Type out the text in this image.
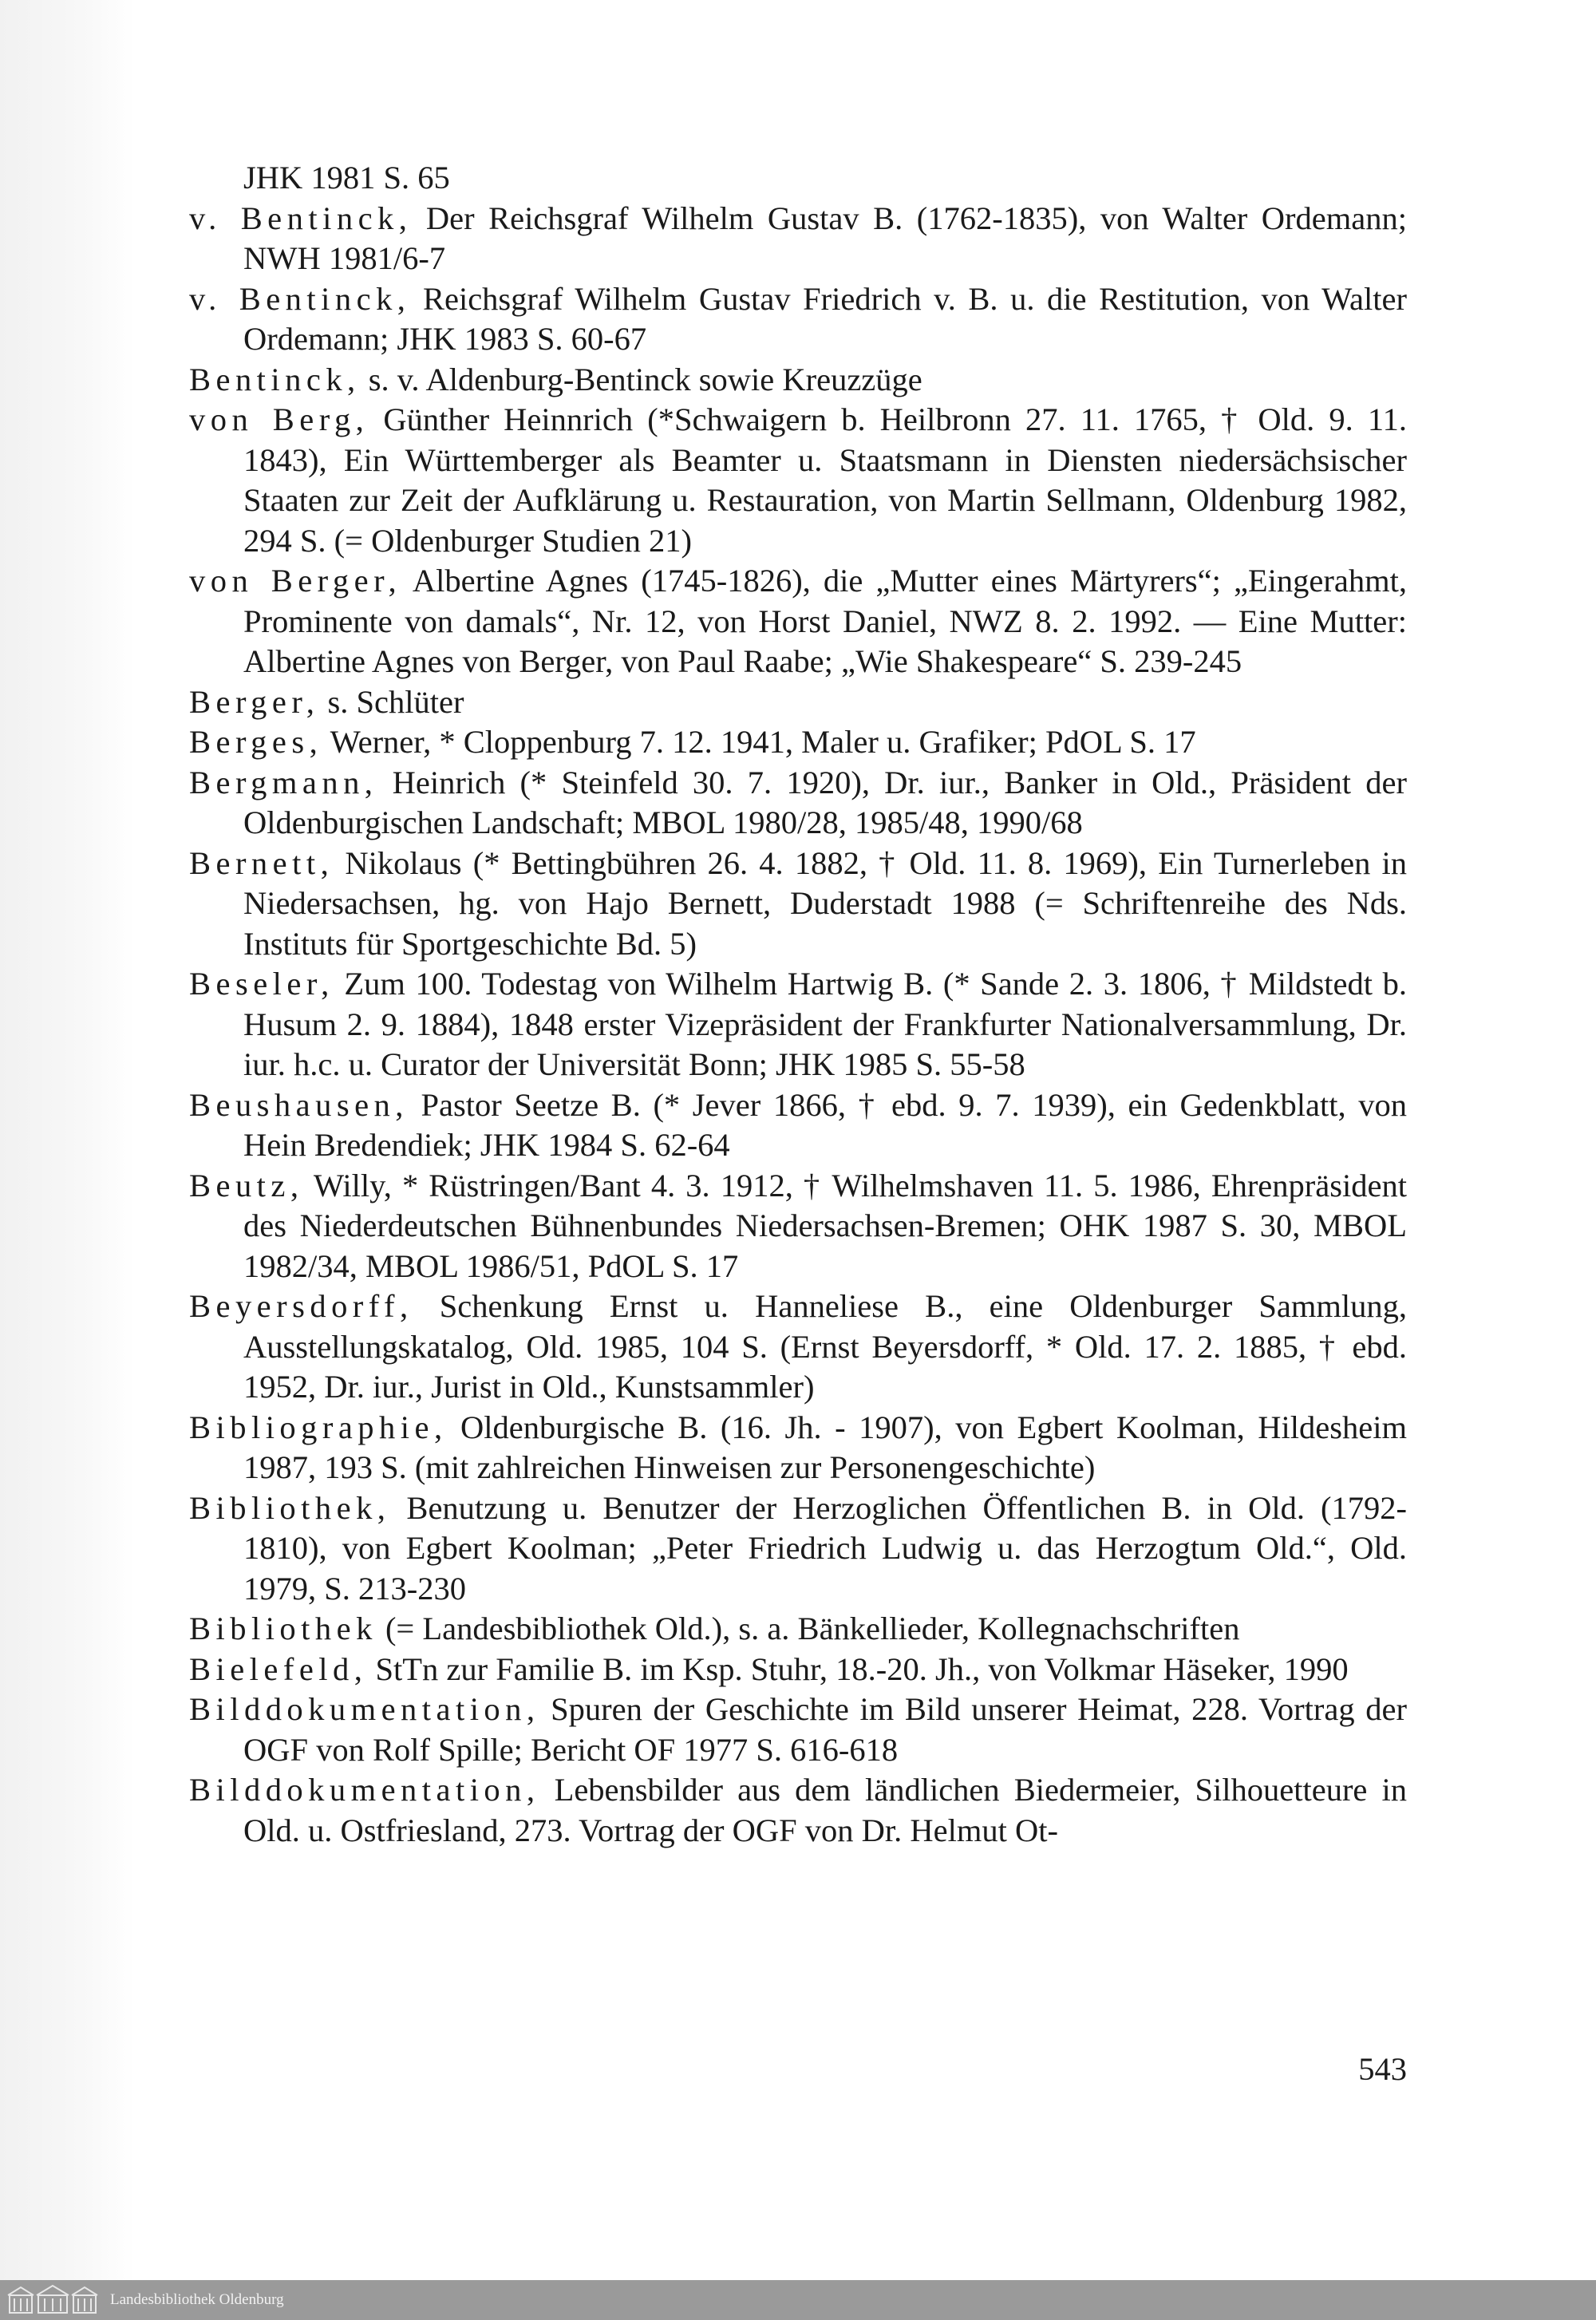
JHK 1981 S. 65

v. Bentinck, Der Reichsgraf Wilhelm Gustav B. (1762-1835), von Walter Ordemann; NWH 1981/6-7

v. Bentinck, Reichsgraf Wilhelm Gustav Friedrich v. B. u. die Restitution, von Walter Ordemann; JHK 1983 S. 60-67

Bentinck, s. v. Aldenburg-Bentinck sowie Kreuzzüge

von Berg, Günther Heinnrich (*Schwaigern b. Heilbronn 27. 11. 1765, † Old. 9. 11. 1843), Ein Württemberger als Beamter u. Staatsmann in Diensten niedersächsischer Staaten zur Zeit der Aufklärung u. Restauration, von Martin Sellmann, Oldenburg 1982, 294 S. (= Oldenburger Studien 21)

von Berger, Albertine Agnes (1745-1826), die „Mutter eines Märtyrers“; „Eingerahmt, Prominente von damals“, Nr. 12, von Horst Daniel, NWZ 8. 2. 1992. — Eine Mutter: Albertine Agnes von Berger, von Paul Raabe; „Wie Shakespeare“ S. 239-245

Berger, s. Schlüter

Berges, Werner, * Cloppenburg 7. 12. 1941, Maler u. Grafiker; PdOL S. 17

Bergmann, Heinrich (* Steinfeld 30. 7. 1920), Dr. iur., Banker in Old., Präsident der Oldenburgischen Landschaft; MBOL 1980/28, 1985/48, 1990/68

Bernett, Nikolaus (* Bettingbühren 26. 4. 1882, † Old. 11. 8. 1969), Ein Turnerleben in Niedersachsen, hg. von Hajo Bernett, Duderstadt 1988 (= Schriftenreihe des Nds. Instituts für Sportgeschichte Bd. 5)

Beseler, Zum 100. Todestag von Wilhelm Hartwig B. (* Sande 2. 3. 1806, † Mildstedt b. Husum 2. 9. 1884), 1848 erster Vizepräsident der Frankfurter Nationalversammlung, Dr. iur. h.c. u. Curator der Universität Bonn; JHK 1985 S. 55-58

Beushausen, Pastor Seetze B. (* Jever 1866, † ebd. 9. 7. 1939), ein Gedenkblatt, von Hein Bredendiek; JHK 1984 S. 62-64

Beutz, Willy, * Rüstringen/Bant 4. 3. 1912, † Wilhelmshaven 11. 5. 1986, Ehrenpräsident des Niederdeutschen Bühnenbundes Niedersachsen-Bremen; OHK 1987 S. 30, MBOL 1982/34, MBOL 1986/51, PdOL S. 17

Beyersdorff, Schenkung Ernst u. Hanneliese B., eine Oldenburger Sammlung, Ausstellungskatalog, Old. 1985, 104 S. (Ernst Beyersdorff, * Old. 17. 2. 1885, † ebd. 1952, Dr. iur., Jurist in Old., Kunstsammler)

Bibliographie, Oldenburgische B. (16. Jh. - 1907), von Egbert Koolman, Hildesheim 1987, 193 S. (mit zahlreichen Hinweisen zur Personengeschichte)

Bibliothek, Benutzung u. Benutzer der Herzoglichen Öffentlichen B. in Old. (1792-1810), von Egbert Koolman; „Peter Friedrich Ludwig u. das Herzogtum Old.“, Old. 1979, S. 213-230

Bibliothek (= Landesbibliothek Old.), s. a. Bänkellieder, Kollegnachschriften

Bielefeld, StTn zur Familie B. im Ksp. Stuhr, 18.-20. Jh., von Volkmar Häseker, 1990

Bilddokumentation, Spuren der Geschichte im Bild unserer Heimat, 228. Vortrag der OGF von Rolf Spille; Bericht OF 1977 S. 616-618

Bilddokumentation, Lebensbilder aus dem ländlichen Biedermeier, Silhouetteure in Old. u. Ostfriesland, 273. Vortrag der OGF von Dr. Helmut Ot-

543
Landesbibliothek Oldenburg
